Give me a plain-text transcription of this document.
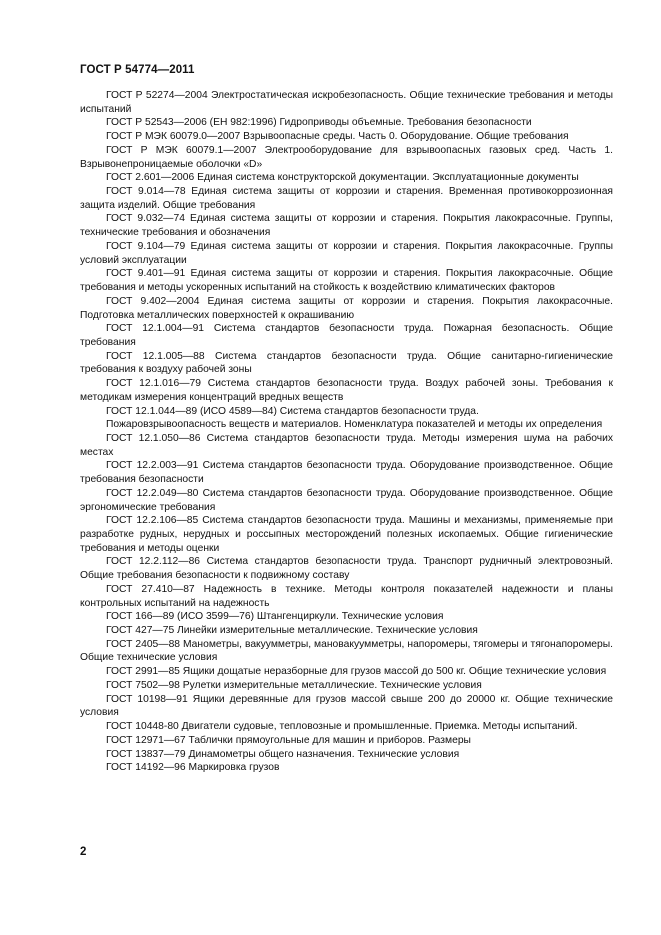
ГОСТ Р 54774—2011

ГОСТ Р 52274—2004 Электростатическая искробезопасность. Общие технические требования и методы испытаний

ГОСТ Р 52543—2006 (ЕН 982:1996) Гидроприводы объемные. Требования безопасности

ГОСТ Р МЭК 60079.0—2007 Взрывоопасные среды. Часть 0. Оборудование. Общие требования

ГОСТ Р МЭК 60079.1—2007 Электрооборудование для взрывоопасных газовых сред. Часть 1. Взрывонепроницаемые оболочки «D»

ГОСТ 2.601—2006 Единая система конструкторской документации. Эксплуатационные документы

ГОСТ 9.014—78 Единая система защиты от коррозии и старения. Временная противокоррозионная защита изделий. Общие требования

ГОСТ 9.032—74 Единая система защиты от коррозии и старения. Покрытия лакокрасочные. Группы, технические требования и обозначения

ГОСТ 9.104—79 Единая система защиты от коррозии и старения. Покрытия лакокрасочные. Группы условий эксплуатации

ГОСТ 9.401—91 Единая система защиты от коррозии и старения. Покрытия лакокрасочные. Общие требования и методы ускоренных испытаний на стойкость к воздействию климатических факторов

ГОСТ 9.402—2004 Единая система защиты от коррозии и старения. Покрытия лакокрасочные. Подготовка металлических поверхностей к окрашиванию

ГОСТ 12.1.004—91 Система стандартов безопасности труда. Пожарная безопасность. Общие требования

ГОСТ 12.1.005—88 Система стандартов безопасности труда. Общие санитарно-гигиенические требования к воздуху рабочей зоны

ГОСТ 12.1.016—79 Система стандартов безопасности труда. Воздух рабочей зоны. Требования к методикам измерения концентраций вредных веществ

ГОСТ 12.1.044—89 (ИСО 4589—84) Система стандартов безопасности труда.

Пожаровзрывоопасность веществ и материалов. Номенклатура показателей и методы их определения

ГОСТ 12.1.050—86 Система стандартов безопасности труда. Методы измерения шума на рабочих местах

ГОСТ 12.2.003—91 Система стандартов безопасности труда. Оборудование производственное. Общие требования безопасности

ГОСТ 12.2.049—80 Система стандартов безопасности труда. Оборудование производственное. Общие эргономические требования

ГОСТ 12.2.106—85 Система стандартов безопасности труда. Машины и механизмы, применяемые при разработке рудных, нерудных и россыпных месторождений полезных ископаемых. Общие гигиенические требования и методы оценки

ГОСТ 12.2.112—86 Система стандартов безопасности труда. Транспорт рудничный электровозный. Общие требования безопасности к подвижному составу

ГОСТ 27.410—87 Надежность в технике. Методы контроля показателей надежности и планы контрольных испытаний на надежность

ГОСТ 166—89 (ИСО 3599—76) Штангенциркули. Технические условия

ГОСТ 427—75 Линейки измерительные металлические. Технические условия

ГОСТ 2405—88 Манометры, вакуумметры, мановакуумметры, напоромеры, тягомеры и тягонапоромеры. Общие технические условия

ГОСТ 2991—85 Ящики дощатые неразборные для грузов массой до 500 кг. Общие технические условия

ГОСТ 7502—98 Рулетки измерительные металлические. Технические условия

ГОСТ 10198—91 Ящики деревянные для грузов массой свыше 200 до 20000 кг. Общие технические условия

ГОСТ 10448-80 Двигатели судовые, тепловозные и промышленные. Приемка. Методы испытаний.

ГОСТ 12971—67 Таблички прямоугольные для машин и приборов. Размеры

ГОСТ 13837—79 Динамометры общего назначения. Технические условия

ГОСТ 14192—96 Маркировка грузов

2
